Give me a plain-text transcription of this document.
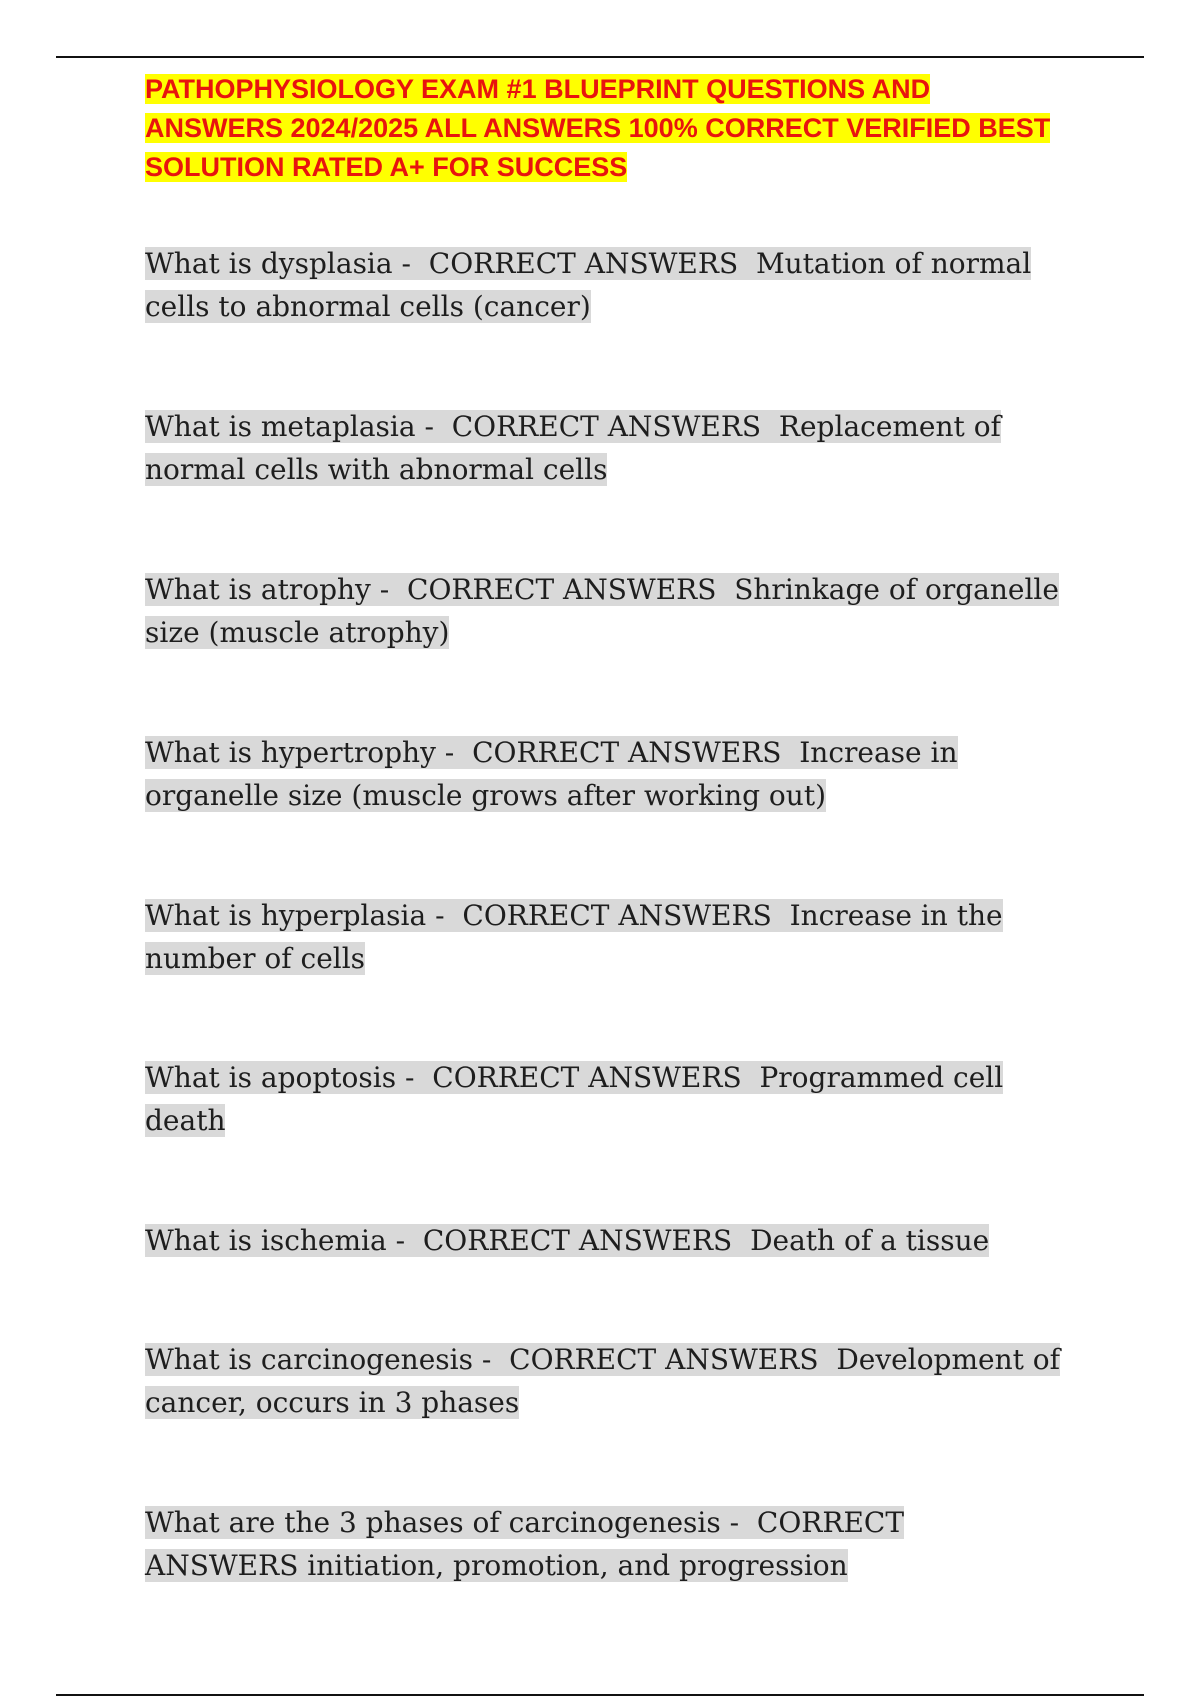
PATHOPHYSIOLOGY EXAM #1 BLUEPRINT QUESTIONS AND ANSWERS 2024/2025 ALL ANSWERS 100% CORRECT VERIFIED BEST SOLUTION RATED A+ FOR SUCCESS
What is dysplasia - CORRECT ANSWERS Mutation of normal cells to abnormal cells (cancer)
What is metaplasia - CORRECT ANSWERS Replacement of normal cells with abnormal cells
What is atrophy - CORRECT ANSWERS Shrinkage of organelle size (muscle atrophy)
What is hypertrophy - CORRECT ANSWERS Increase in organelle size (muscle grows after working out)
What is hyperplasia - CORRECT ANSWERS Increase in the number of cells
What is apoptosis - CORRECT ANSWERS Programmed cell death
What is ischemia - CORRECT ANSWERS Death of a tissue
What is carcinogenesis - CORRECT ANSWERS Development of cancer, occurs in 3 phases
What are the 3 phases of carcinogenesis - CORRECT ANSWERS initiation, promotion, and progression
